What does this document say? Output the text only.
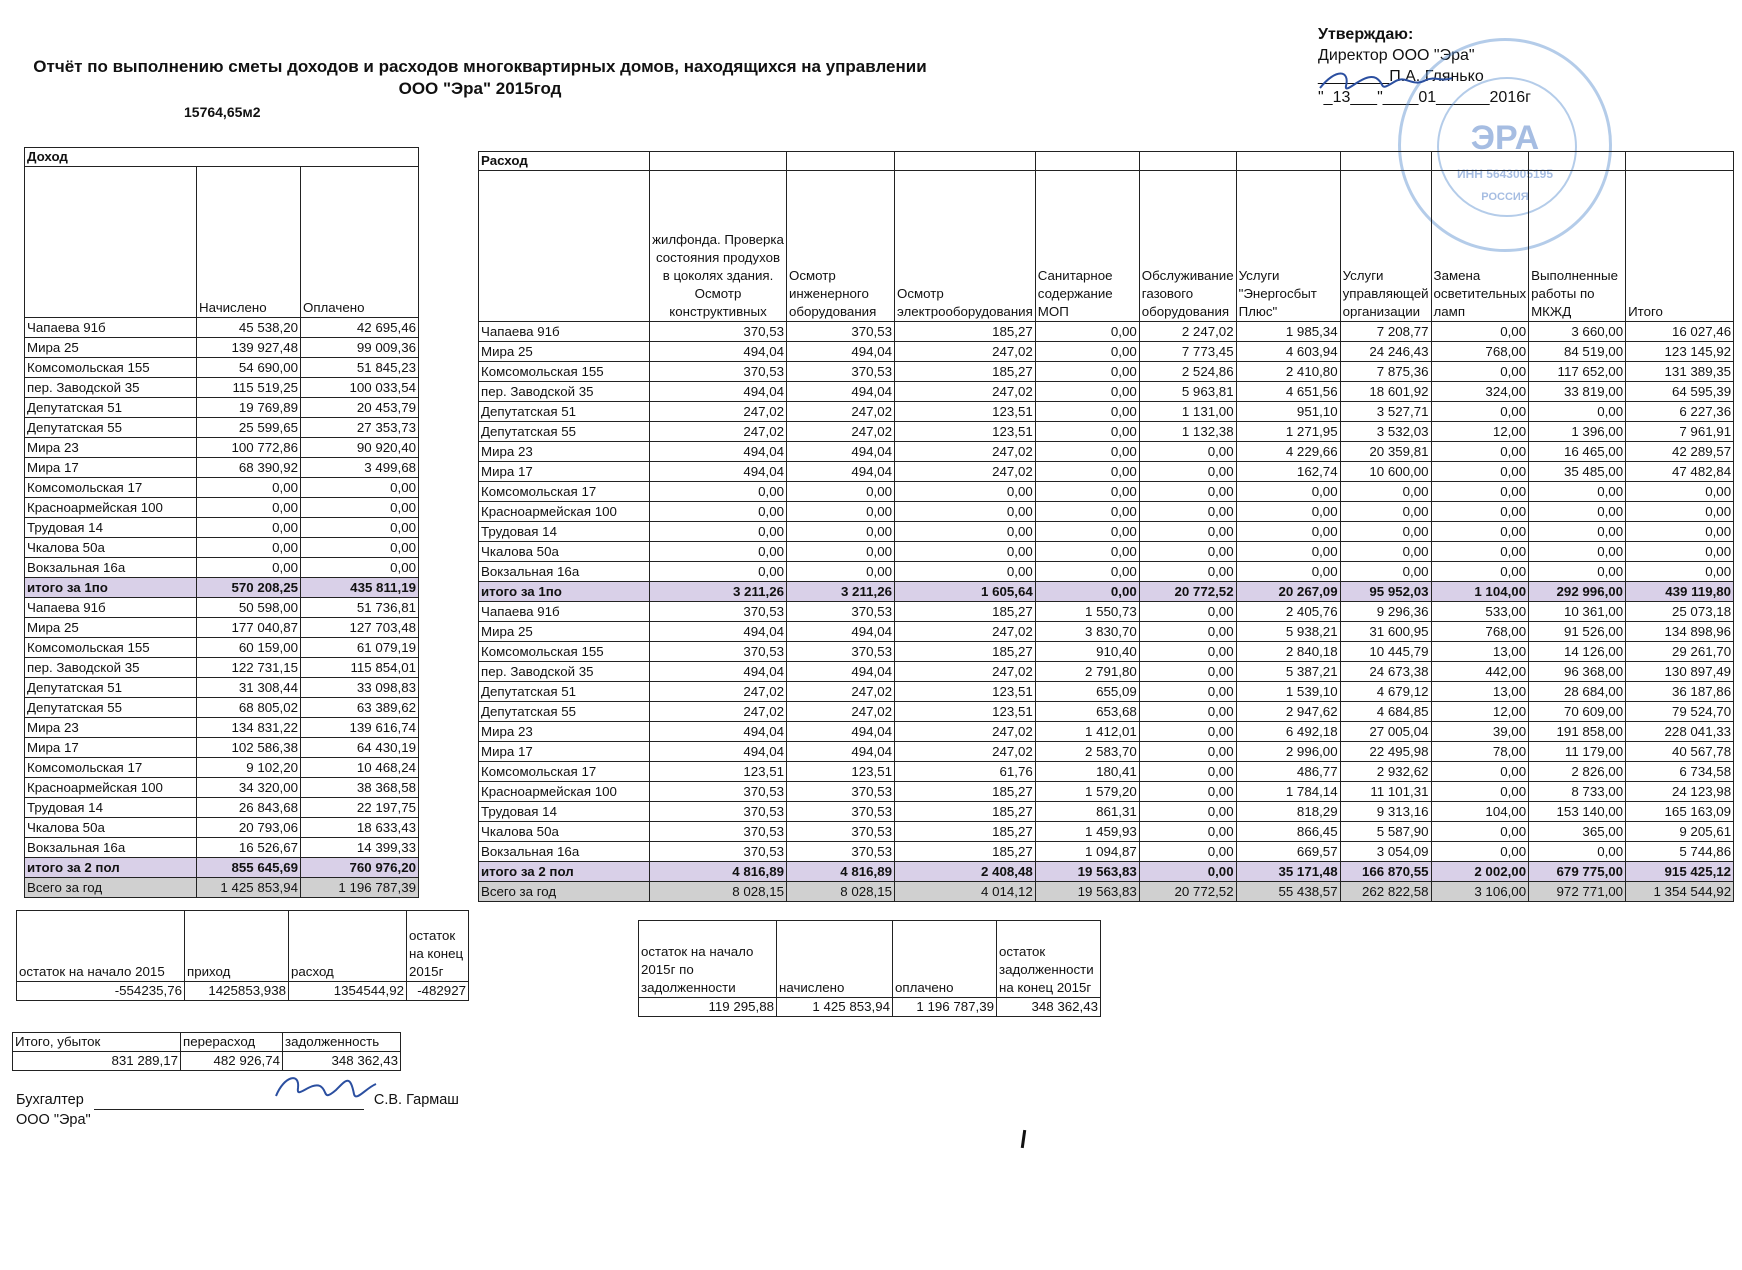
Отчёт по выполнению сметы доходов и расходов многоквартирных домов, находящихся на управлении ООО "Эра" 2015год
15764,65м2
Утверждаю:
Директор ООО "Эра"
________П.А. Глянько
"_13___"____01______2016г
ЭРА
ИНН 5643005195
РОССИЯ
Доход		
	Начислено	Оплачено
Чапаева 91б	45 538,20	42 695,46
Мира 25	139 927,48	99 009,36
Комсомольская 155	54 690,00	51 845,23
пер. Заводской 35	115 519,25	100 033,54
Депутатская 51	19 769,89	20 453,79
Депутатская 55	25 599,65	27 353,73
Мира 23	100 772,86	90 920,40
Мира 17	68 390,92	3 499,68
Комсомольская 17	0,00	0,00
Красноармейская 100	0,00	0,00
Трудовая 14	0,00	0,00
Чкалова 50а	0,00	0,00
Вокзальная 16а	0,00	0,00
итого за 1по	570 208,25	435 811,19
Чапаева 91б	50 598,00	51 736,81
Мира 25	177 040,87	127 703,48
Комсомольская 155	60 159,00	61 079,19
пер. Заводской 35	122 731,15	115 854,01
Депутатская 51	31 308,44	33 098,83
Депутатская 55	68 805,02	63 389,62
Мира 23	134 831,22	139 616,74
Мира 17	102 586,38	64 430,19
Комсомольская 17	9 102,20	10 468,24
Красноармейская 100	34 320,00	38 368,58
Трудовая 14	26 843,68	22 197,75
Чкалова 50а	20 793,06	18 633,43
Вокзальная 16а	16 526,67	14 399,33
итого за 2 пол	855 645,69	760 976,20
Всего за год	1 425 853,94	1 196 787,39
Расход										
	жилфонда. Проверка состояния продухов в цоколях здания. Осмотр конструктивных	Осмотр инженерного оборудования	Осмотр электрооборудования	Санитарное содержание МОП	Обслуживание газового оборудования	Услуги "Энергосбыт Плюс"	Услуги управляющей организации	Замена осветительных ламп	Выполненные работы по МКЖД	Итого
Чапаева 91б	370,53	370,53	185,27	0,00	2 247,02	1 985,34	7 208,77	0,00	3 660,00	16 027,46
Мира 25	494,04	494,04	247,02	0,00	7 773,45	4 603,94	24 246,43	768,00	84 519,00	123 145,92
Комсомольская 155	370,53	370,53	185,27	0,00	2 524,86	2 410,80	7 875,36	0,00	117 652,00	131 389,35
пер. Заводской 35	494,04	494,04	247,02	0,00	5 963,81	4 651,56	18 601,92	324,00	33 819,00	64 595,39
Депутатская 51	247,02	247,02	123,51	0,00	1 131,00	951,10	3 527,71	0,00	0,00	6 227,36
Депутатская 55	247,02	247,02	123,51	0,00	1 132,38	1 271,95	3 532,03	12,00	1 396,00	7 961,91
Мира 23	494,04	494,04	247,02	0,00	0,00	4 229,66	20 359,81	0,00	16 465,00	42 289,57
Мира 17	494,04	494,04	247,02	0,00	0,00	162,74	10 600,00	0,00	35 485,00	47 482,84
Комсомольская 17	0,00	0,00	0,00	0,00	0,00	0,00	0,00	0,00	0,00	0,00
Красноармейская 100	0,00	0,00	0,00	0,00	0,00	0,00	0,00	0,00	0,00	0,00
Трудовая 14	0,00	0,00	0,00	0,00	0,00	0,00	0,00	0,00	0,00	0,00
Чкалова 50а	0,00	0,00	0,00	0,00	0,00	0,00	0,00	0,00	0,00	0,00
Вокзальная 16а	0,00	0,00	0,00	0,00	0,00	0,00	0,00	0,00	0,00	0,00
итого за 1по	3 211,26	3 211,26	1 605,64	0,00	20 772,52	20 267,09	95 952,03	1 104,00	292 996,00	439 119,80
Чапаева 91б	370,53	370,53	185,27	1 550,73	0,00	2 405,76	9 296,36	533,00	10 361,00	25 073,18
Мира 25	494,04	494,04	247,02	3 830,70	0,00	5 938,21	31 600,95	768,00	91 526,00	134 898,96
Комсомольская 155	370,53	370,53	185,27	910,40	0,00	2 840,18	10 445,79	13,00	14 126,00	29 261,70
пер. Заводской 35	494,04	494,04	247,02	2 791,80	0,00	5 387,21	24 673,38	442,00	96 368,00	130 897,49
Депутатская 51	247,02	247,02	123,51	655,09	0,00	1 539,10	4 679,12	13,00	28 684,00	36 187,86
Депутатская 55	247,02	247,02	123,51	653,68	0,00	2 947,62	4 684,85	12,00	70 609,00	79 524,70
Мира 23	494,04	494,04	247,02	1 412,01	0,00	6 492,18	27 005,04	39,00	191 858,00	228 041,33
Мира 17	494,04	494,04	247,02	2 583,70	0,00	2 996,00	22 495,98	78,00	11 179,00	40 567,78
Комсомольская 17	123,51	123,51	61,76	180,41	0,00	486,77	2 932,62	0,00	2 826,00	6 734,58
Красноармейская 100	370,53	370,53	185,27	1 579,20	0,00	1 784,14	11 101,31	0,00	8 733,00	24 123,98
Трудовая 14	370,53	370,53	185,27	861,31	0,00	818,29	9 313,16	104,00	153 140,00	165 163,09
Чкалова 50а	370,53	370,53	185,27	1 459,93	0,00	866,45	5 587,90	0,00	365,00	9 205,61
Вокзальная 16а	370,53	370,53	185,27	1 094,87	0,00	669,57	3 054,09	0,00	0,00	5 744,86
итого за 2 пол	4 816,89	4 816,89	2 408,48	19 563,83	0,00	35 171,48	166 870,55	2 002,00	679 775,00	915 425,12
Всего за год	8 028,15	8 028,15	4 014,12	19 563,83	20 772,52	55 438,57	262 822,58	3 106,00	972 771,00	1 354 544,92
остаток на начало 2015	приход	расход	остаток на конец 2015г
-554235,76	1425853,938	1354544,92	-482927
остаток на начало 2015г по задолженности	начислено	оплачено	остаток задолженности на конец 2015г
119 295,88	1 425 853,94	1 196 787,39	348 362,43
Итого, убыток	перерасход	задолженность
831 289,17	482 926,74	348 362,43
Бухгалтер	С.В. Гармаш
ООО "Эра"
